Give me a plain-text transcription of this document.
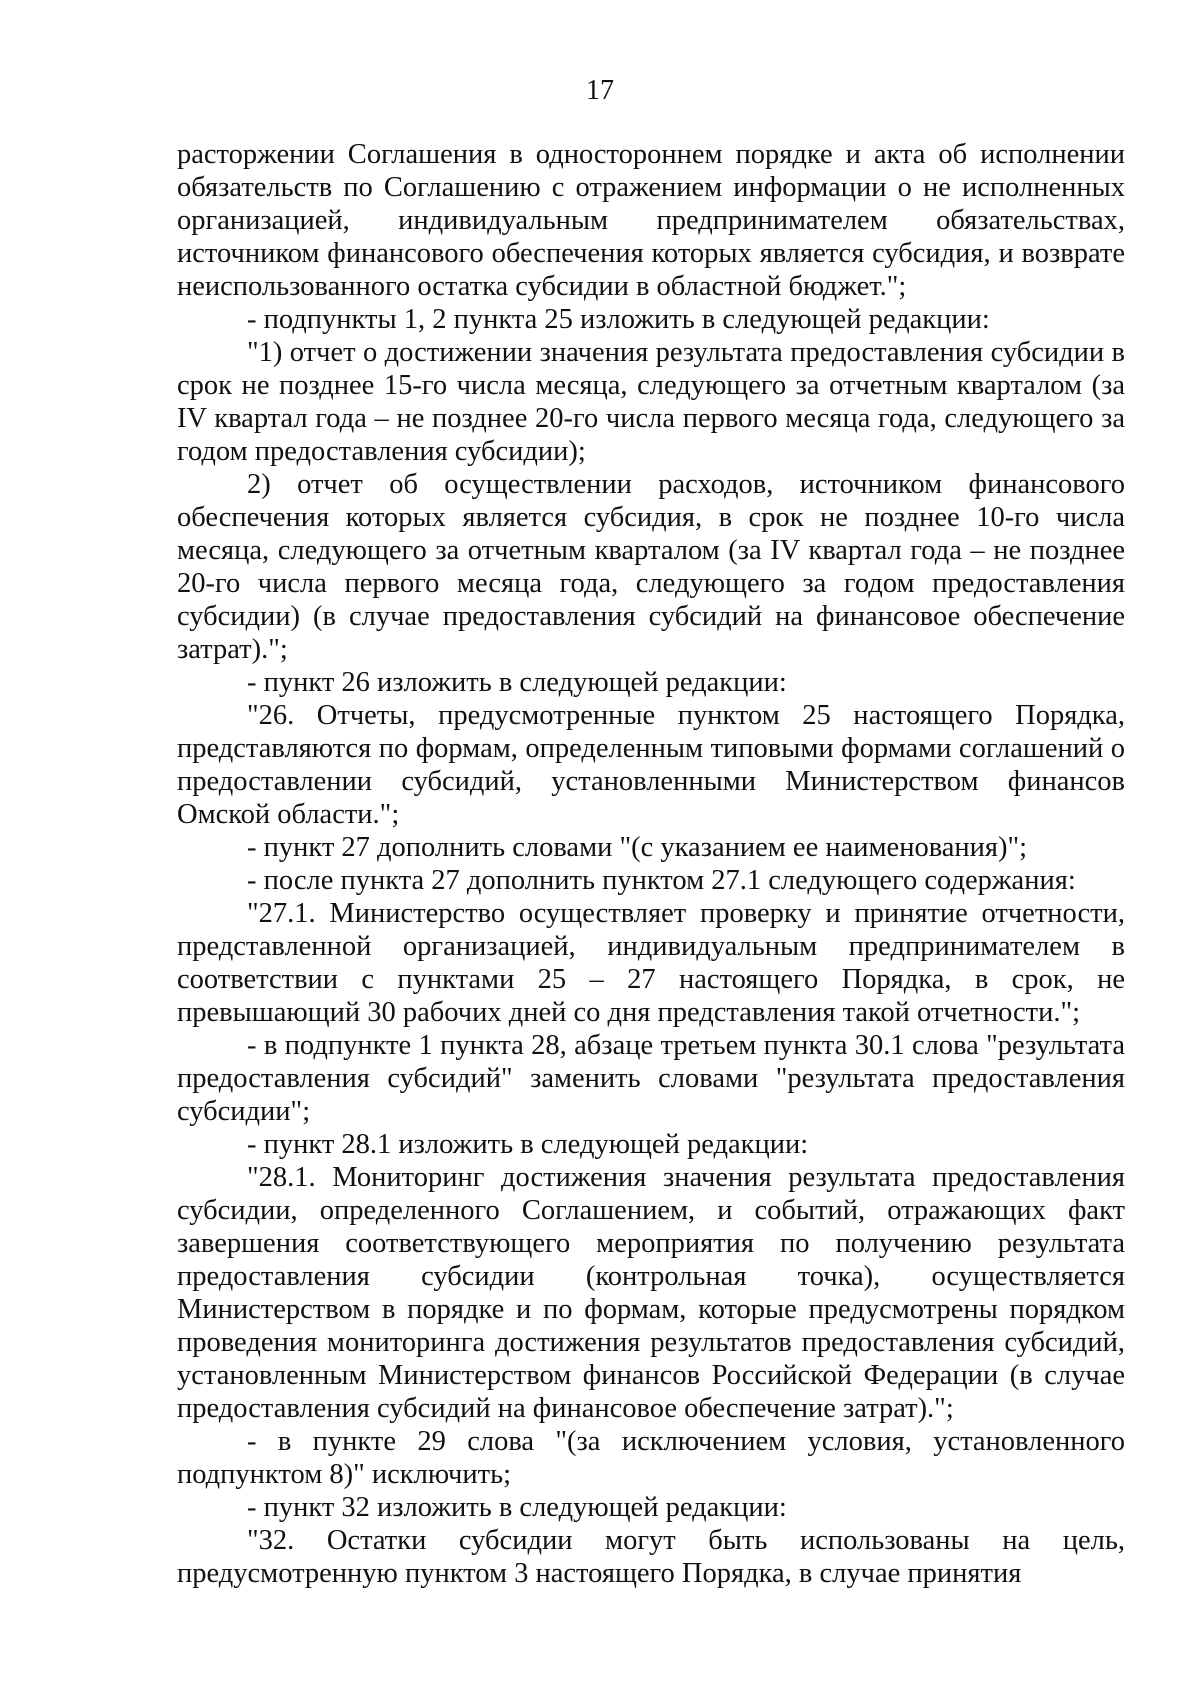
17

расторжении Соглашения в одностороннем порядке и акта об исполнении обязательств по Соглашению с отражением информации о не исполненных организацией, индивидуальным предпринимателем обязательствах, источником финансового обеспечения которых является субсидия, и возврате неиспользованного остатка субсидии в областной бюджет.";

- подпункты 1, 2 пункта 25 изложить в следующей редакции:

"1) отчет о достижении значения результата предоставления субсидии в срок не позднее 15-го числа месяца, следующего за отчетным кварталом (за IV квартал года – не позднее 20-го числа первого месяца года, следующего за годом предоставления субсидии);

2) отчет об осуществлении расходов, источником финансового обеспечения которых является субсидия, в срок не позднее 10-го числа месяца, следующего за отчетным кварталом (за IV квартал года – не позднее 20-го числа первого месяца года, следующего за годом предоставления субсидии) (в случае предоставления субсидий на финансовое обеспечение затрат).";

- пункт 26 изложить в следующей редакции:

"26. Отчеты, предусмотренные пунктом 25 настоящего Порядка, представляются по формам, определенным типовыми формами соглашений о предоставлении субсидий, установленными Министерством финансов Омской области.";

- пункт 27 дополнить словами "(с указанием ее наименования)";

- после пункта 27 дополнить пунктом 27.1 следующего содержания:

"27.1. Министерство осуществляет проверку и принятие отчетности, представленной организацией, индивидуальным предпринимателем в соответствии с пунктами 25 – 27 настоящего Порядка, в срок, не превышающий 30 рабочих дней со дня представления такой отчетности.";

- в подпункте 1 пункта 28, абзаце третьем пункта 30.1 слова "результата предоставления субсидий" заменить словами "результата предоставления субсидии";

- пункт 28.1 изложить в следующей редакции:

"28.1. Мониторинг достижения значения результата предоставления субсидии, определенного Соглашением, и событий, отражающих факт завершения соответствующего мероприятия по получению результата предоставления субсидии (контрольная точка), осуществляется Министерством в порядке и по формам, которые предусмотрены порядком проведения мониторинга достижения результатов предоставления субсидий, установленным Министерством финансов Российской Федерации (в случае предоставления субсидий на финансовое обеспечение затрат).";

- в пункте 29 слова "(за исключением условия, установленного подпунктом 8)" исключить;

- пункт 32 изложить в следующей редакции:

"32. Остатки субсидии могут быть использованы на цель, предусмотренную пунктом 3 настоящего Порядка, в случае принятия
